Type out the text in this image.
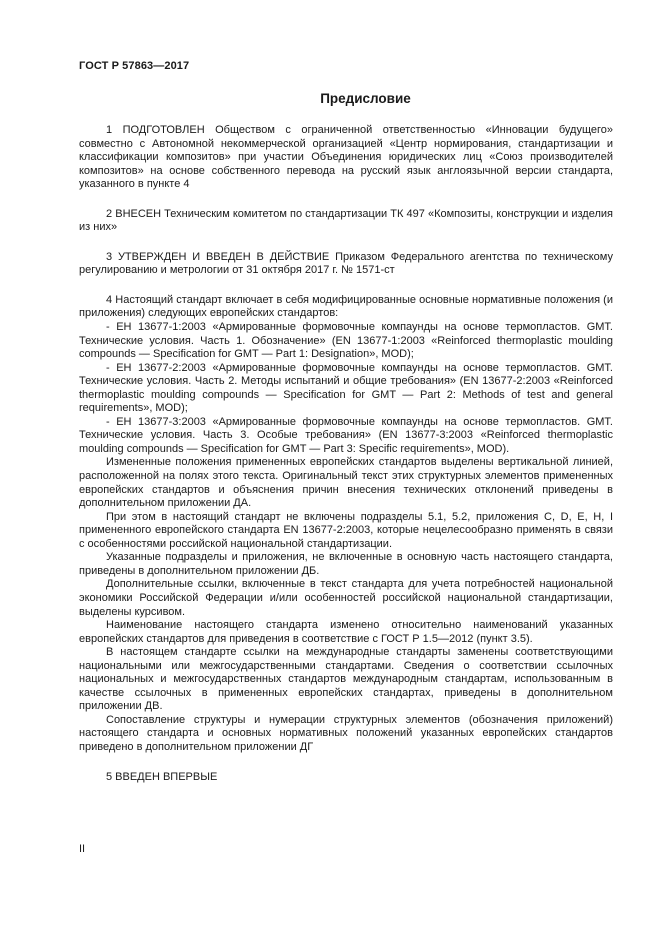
ГОСТ Р 57863—2017
Предисловие

1 ПОДГОТОВЛЕН Обществом с ограниченной ответственностью «Инновации будущего» совместно с Автономной некоммерческой организацией «Центр нормирования, стандартизации и классификации композитов» при участии Объединения юридических лиц «Союз производителей композитов» на основе собственного перевода на русский язык англоязычной версии стандарта, указанного в пункте 4

2 ВНЕСЕН Техническим комитетом по стандартизации ТК 497 «Композиты, конструкции и изделия из них»

3 УТВЕРЖДЕН И ВВЕДЕН В ДЕЙСТВИЕ Приказом Федерального агентства по техническому регулированию и метрологии от 31 октября 2017 г. № 1571-ст

4 Настоящий стандарт включает в себя модифицированные основные нормативные положения (и приложения) следующих европейских стандартов:

- ЕН 13677-1:2003 «Армированные формовочные компаунды на основе термопластов. GMT. Технические условия. Часть 1. Обозначение» (EN 13677-1:2003 «Reinforced thermoplastic moulding compounds — Specification for GMT — Part 1: Designation», MOD);

- ЕН 13677-2:2003 «Армированные формовочные компаунды на основе термопластов. GMT. Технические условия. Часть 2. Методы испытаний и общие требования» (EN 13677-2:2003 «Reinforced thermoplastic moulding compounds — Specification for GMT — Part 2: Methods of test and general requirements», MOD);

- ЕН 13677-3:2003 «Армированные формовочные компаунды на основе термопластов. GMT. Технические условия. Часть 3. Особые требования» (EN 13677-3:2003 «Reinforced thermoplastic moulding compounds — Specification for GMT — Part 3: Specific requirements», MOD).

Измененные положения примененных европейских стандартов выделены вертикальной линией, расположенной на полях этого текста. Оригинальный текст этих структурных элементов примененных европейских стандартов и объяснения причин внесения технических отклонений приведены в дополнительном приложении ДА.

При этом в настоящий стандарт не включены подразделы 5.1, 5.2, приложения С, D, E, H, I примененного европейского стандарта EN 13677-2:2003, которые нецелесообразно применять в связи с особенностями российской национальной стандартизации.

Указанные подразделы и приложения, не включенные в основную часть настоящего стандарта, приведены в дополнительном приложении ДБ.

Дополнительные ссылки, включенные в текст стандарта для учета потребностей национальной экономики Российской Федерации и/или особенностей российской национальной стандартизации, выделены курсивом.

Наименование настоящего стандарта изменено относительно наименований указанных европейских стандартов для приведения в соответствие с ГОСТ Р 1.5—2012 (пункт 3.5).

В настоящем стандарте ссылки на международные стандарты заменены соответствующими национальными или межгосударственными стандартами. Сведения о соответствии ссылочных национальных и межгосударственных стандартов международным стандартам, использованным в качестве ссылочных в примененных европейских стандартах, приведены в дополнительном приложении ДВ.

Сопоставление структуры и нумерации структурных элементов (обозначения приложений) настоящего стандарта и основных нормативных положений указанных европейских стандартов приведено в дополнительном приложении ДГ

5 ВВЕДЕН ВПЕРВЫЕ

II
